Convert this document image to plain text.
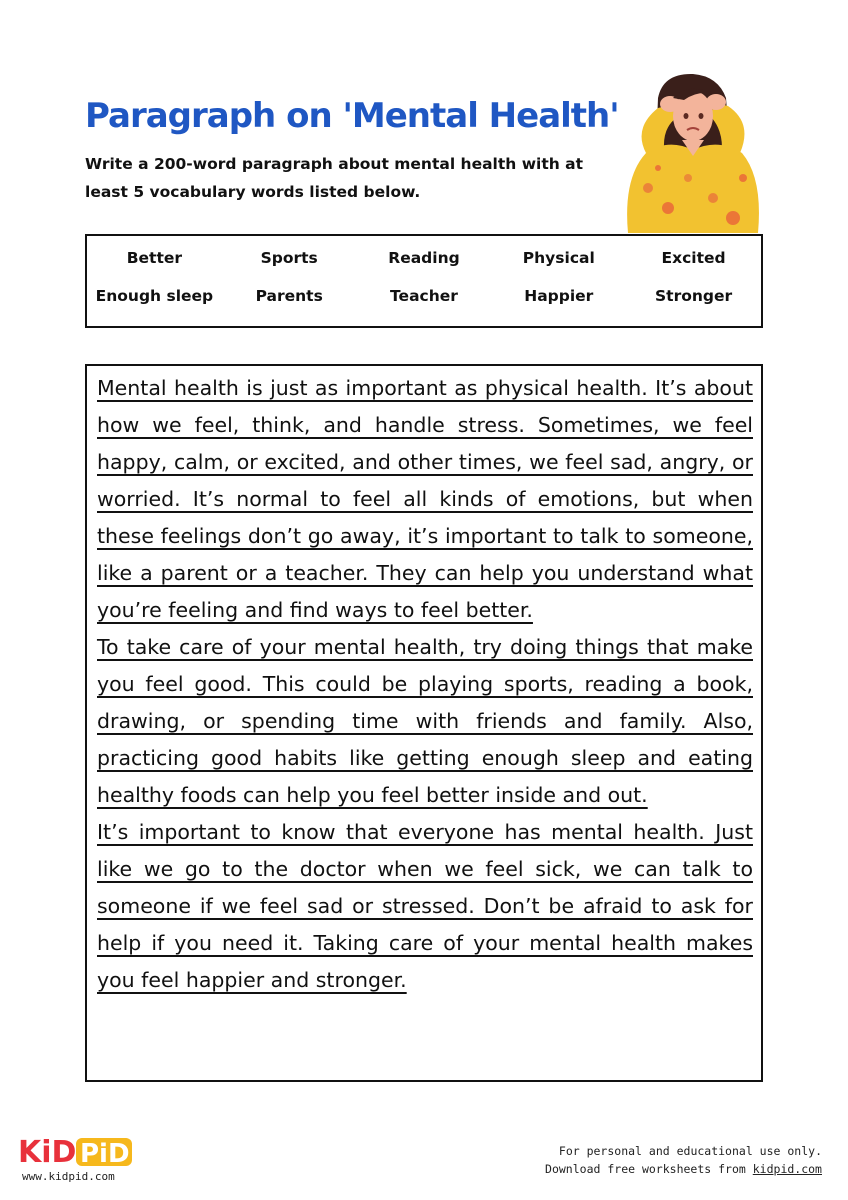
Paragraph on 'Mental Health'
Write a 200-word paragraph about mental health with at least 5 vocabulary words listed below.
Better	Sports	Reading	Physical	Excited
Enough sleep	Parents	Teacher	Happier	Stronger

Mental health is just as important as physical health. It’s about how we feel, think, and handle stress. Sometimes, we feel happy, calm, or excited, and other times, we feel sad, angry, or worried. It’s normal to feel all kinds of emotions, but when these feelings don’t go away, it’s important to talk to someone, like a parent or a teacher. They can help you understand what you’re feeling and find ways to feel better.

To take care of your mental health, try doing things that make you feel good. This could be playing sports, reading a book, drawing, or spending time with friends and family. Also, practicing good habits like getting enough sleep and eating healthy foods can help you feel better inside and out.

It’s important to know that everyone has mental health. Just like we go to the doctor when we feel sick, we can talk to someone if we feel sad or stressed. Don’t be afraid to ask for help if you need it. Taking care of your mental health makes you feel happier and stronger.

KiD PiD
www.kidpid.com
For personal and educational use only.
Download free worksheets from kidpid.com
